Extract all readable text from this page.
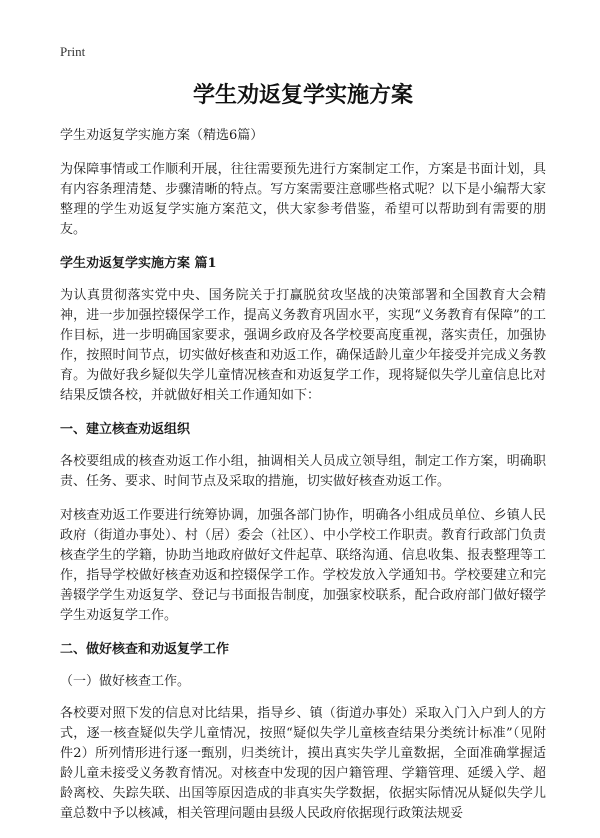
Print
学生劝返复学实施方案
学生劝返复学实施方案（精选6篇）

为保障事情或工作顺利开展，往往需要预先进行方案制定工作，方案是书面计划，具有内容条理清楚、步骤清晰的特点。写方案需要注意哪些格式呢？以下是小编帮大家整理的学生劝返复学实施方案范文，供大家参考借鉴，希望可以帮助到有需要的朋友。

学生劝返复学实施方案 篇1

为认真贯彻落实党中央、国务院关于打赢脱贫攻坚战的决策部署和全国教育大会精神，进一步加强控辍保学工作，提高义务教育巩固水平，实现“义务教育有保障”的工作目标，进一步明确国家要求，强调乡政府及各学校要高度重视，落实责任，加强协作，按照时间节点，切实做好核查和劝返工作，确保适龄儿童少年接受并完成义务教育。为做好我乡疑似失学儿童情况核查和劝返复学工作，现将疑似失学儿童信息比对结果反馈各校，并就做好相关工作通知如下：

一、建立核查劝返组织

各校要组成的核查劝返工作小组，抽调相关人员成立领导组，制定工作方案，明确职责、任务、要求、时间节点及采取的措施，切实做好核查劝返工作。

对核查劝返工作要进行统筹协调，加强各部门协作，明确各小组成员单位、乡镇人民政府（街道办事处）、村（居）委会（社区）、中小学校工作职责。教育行政部门负责核查学生的学籍，协助当地政府做好文件起草、联络沟通、信息收集、报表整理等工作，指导学校做好核查劝返和控辍保学工作。学校发放入学通知书。学校要建立和完善辍学学生劝返复学、登记与书面报告制度，加强家校联系，配合政府部门做好辍学学生劝返复学工作。

二、做好核查和劝返复学工作
（一）做好核查工作。

各校要对照下发的信息对比结果，指导乡、镇（街道办事处）采取入门入户到人的方式，逐一核查疑似失学儿童情况，按照“疑似失学儿童核查结果分类统计标准”（见附件2）所列情形进行逐一甄别，归类统计，摸出真实失学儿童数据，全面准确掌握适龄儿童未接受义务教育情况。对核查中发现的因户籍管理、学籍管理、延缓入学、超龄离校、失踪失联、出国等原因造成的非真实失学数据，依据实际情况从疑似失学儿童总数中予以核减，相关管理问题由县级人民政府依据现行政策法规妥
